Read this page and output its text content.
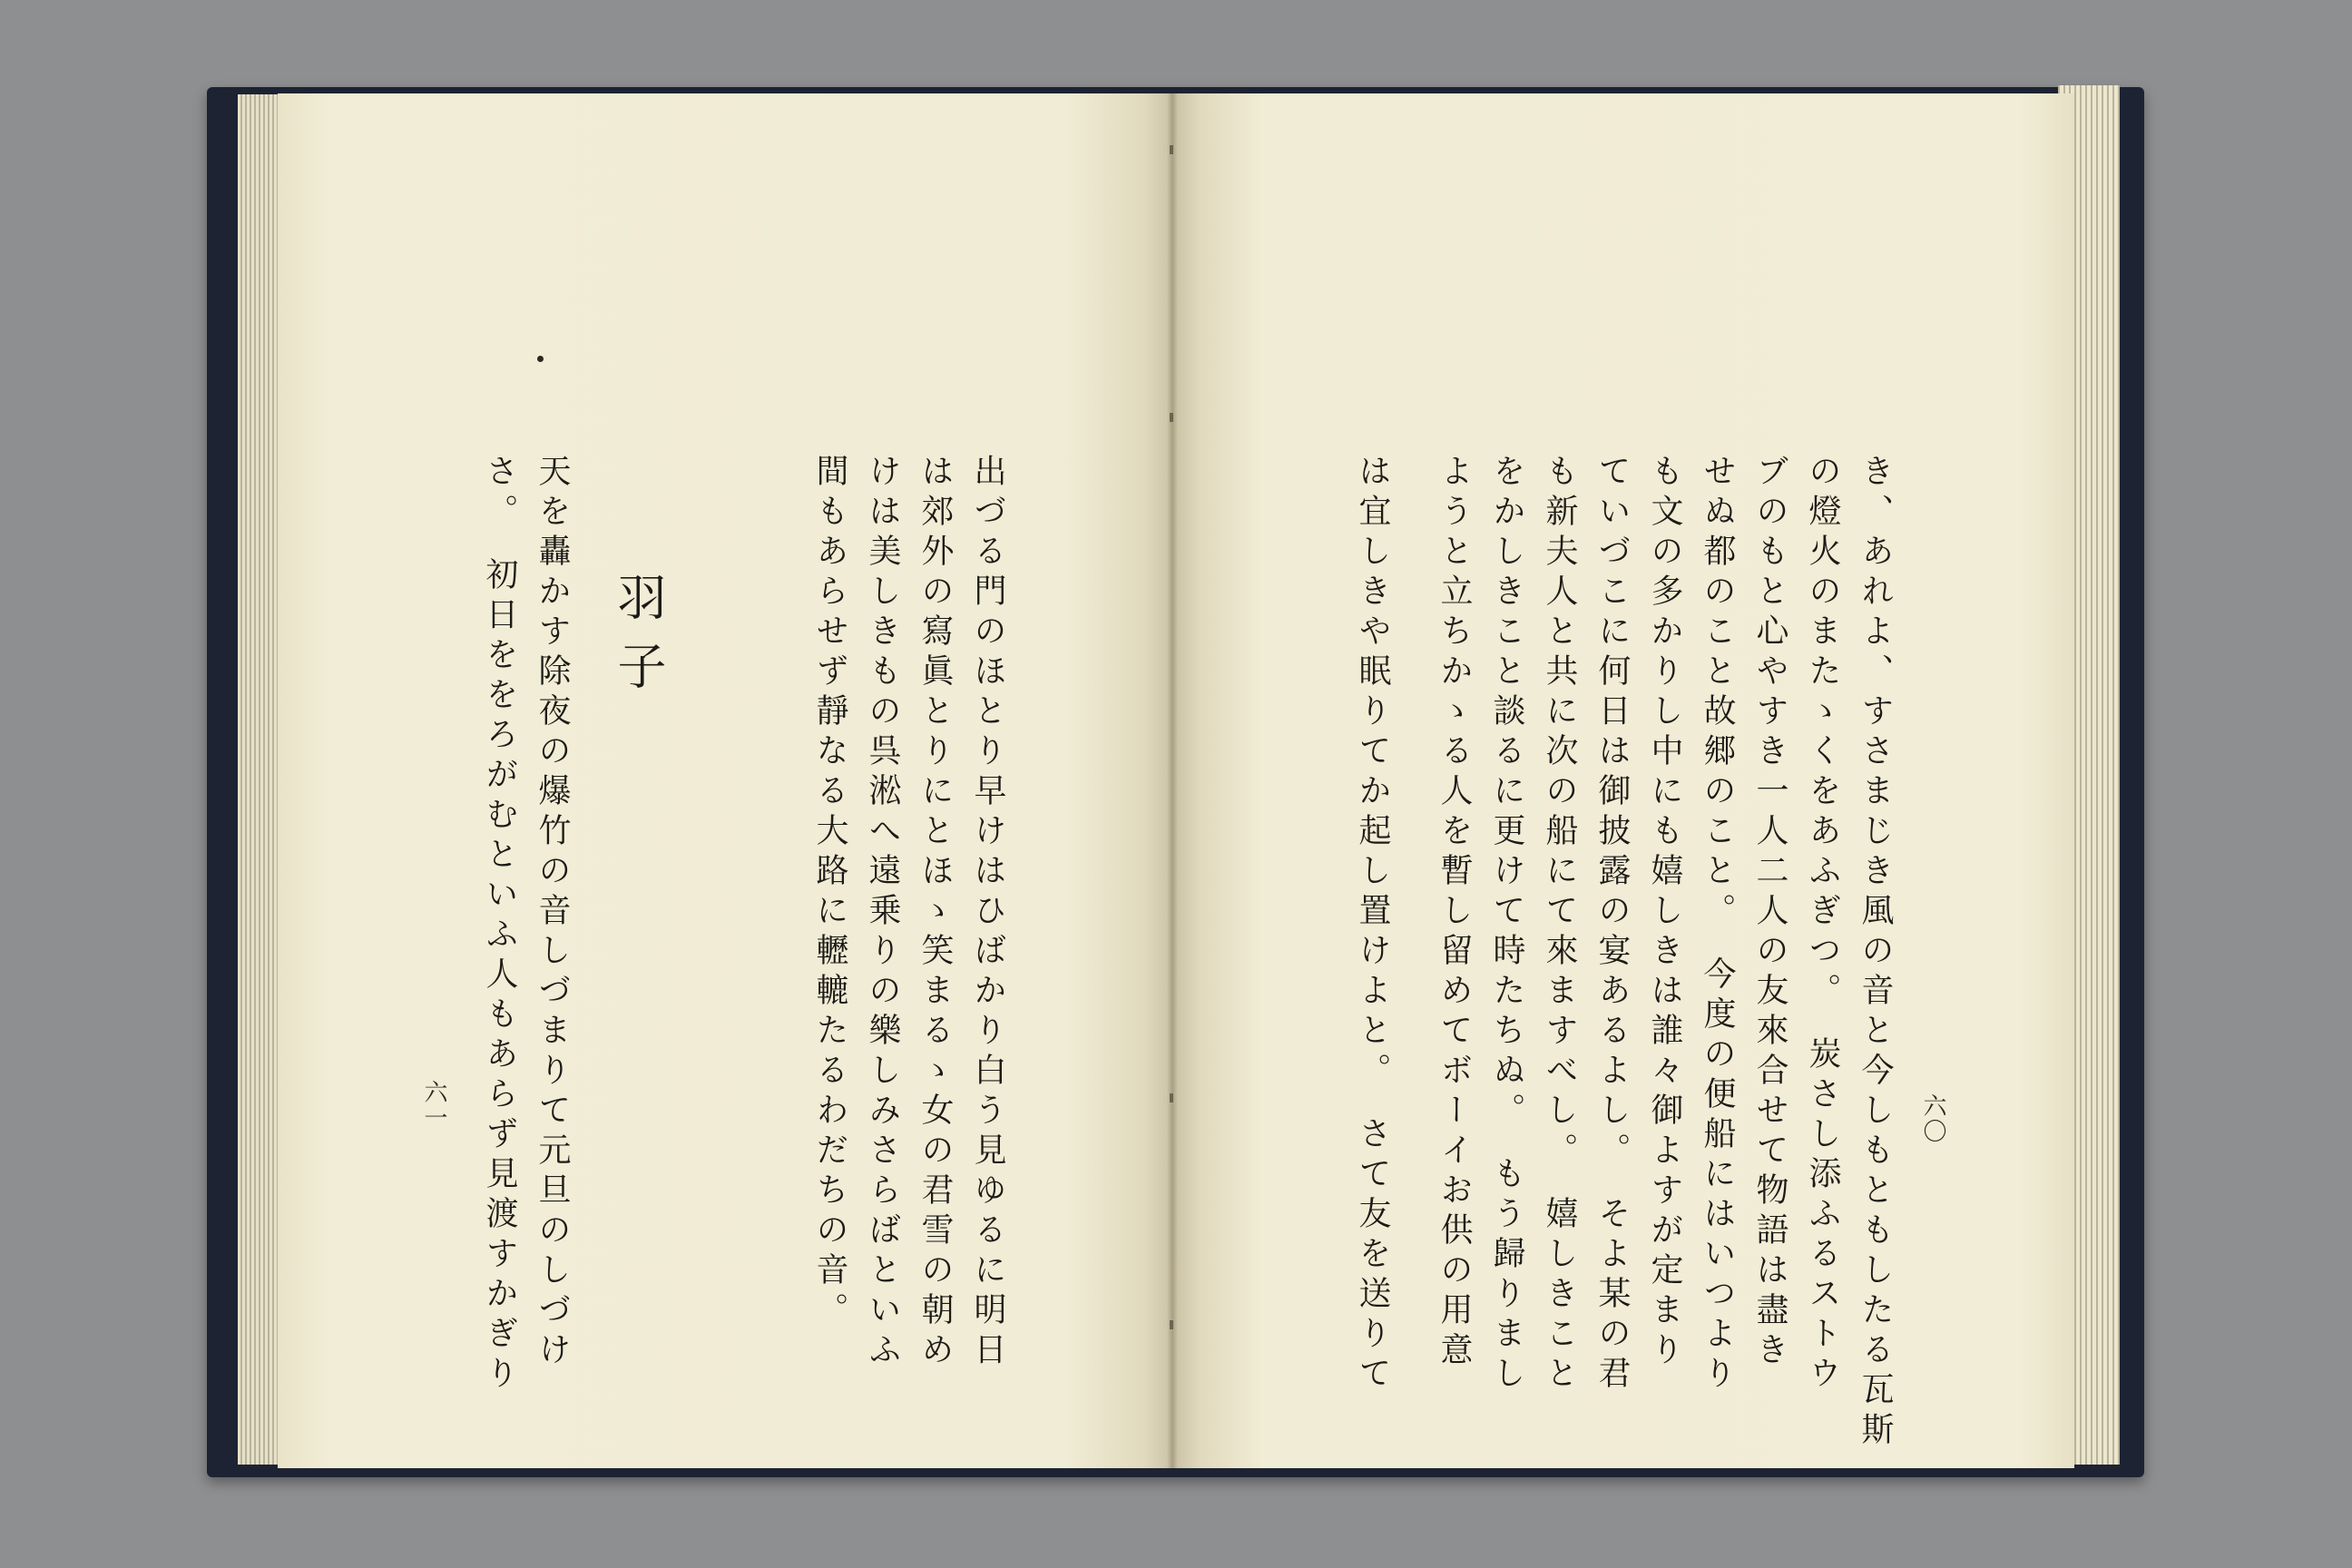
出づる門のほとり早けはひばかり白う見ゆるに明日
は郊外の寫眞とりにとほゝ笑まるゝ女の君雪の朝め
けは美しきもの呉淞へ遠乗りの樂しみさらばといふ
間もあらせず靜なる大路に轣轆たるわだちの音。
羽子
天を轟かす除夜の爆竹の音しづまりて元旦のしづけ
さ。　初日ををろがむといふ人もあらず見渡すかぎり
六一	六〇
き、あれよ、すさまじき風の音と今しもともしたる瓦斯
の燈火のまたゝくをあふぎつ。　炭さし添ふるストウ
ブのもと心やすき一人二人の友來合せて物語は盡き
せぬ都のこと故郷のこと。　今度の便船にはいつより
も文の多かりし中にも嬉しきは誰々御よすが定まり
ていづこに何日は御披露の宴あるよし。　そよ某の君
も新夫人と共に次の船にて來ますべし。　嬉しきこと
をかしきこと談るに更けて時たちぬ。　もう歸りまし
ようと立ちかゝる人を暫し留めてボーイお供の用意
は宜しきや眠りてか起し置けよと。　さて友を送りて
